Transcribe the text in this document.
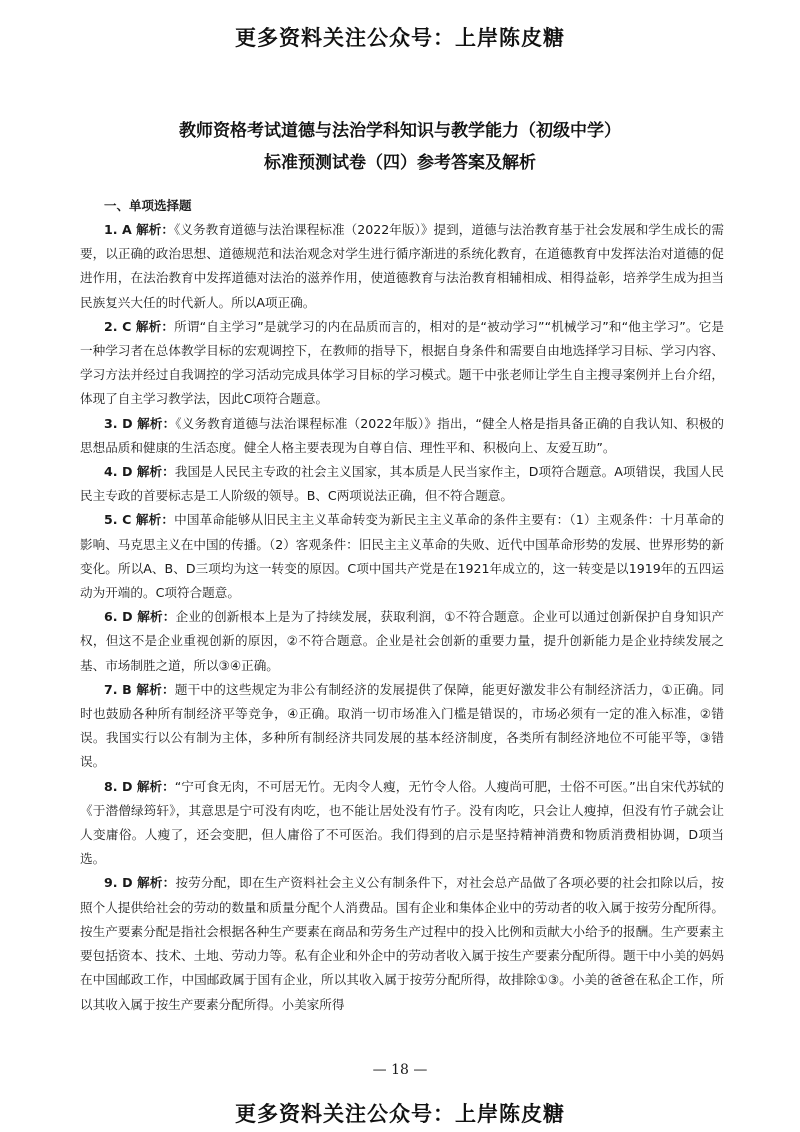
更多资料关注公众号：上岸陈皮糖
教师资格考试道德与法治学科知识与教学能力（初级中学）
标准预测试卷（四）参考答案及解析
一、单项选择题

1. A 解析：《义务教育道德与法治课程标准（2022年版）》提到，道德与法治教育基于社会发展和学生成长的需要，以正确的政治思想、道德规范和法治观念对学生进行循序渐进的系统化教育，在道德教育中发挥法治对道德的促进作用，在法治教育中发挥道德对法治的滋养作用，使道德教育与法治教育相辅相成、相得益彰，培养学生成为担当民族复兴大任的时代新人。所以A项正确。

2. C 解析：所谓“自主学习”是就学习的内在品质而言的，相对的是“被动学习”“机械学习”和“他主学习”。它是一种学习者在总体教学目标的宏观调控下，在教师的指导下，根据自身条件和需要自由地选择学习目标、学习内容、学习方法并经过自我调控的学习活动完成具体学习目标的学习模式。题干中张老师让学生自主搜寻案例并上台介绍，体现了自主学习教学法，因此C项符合题意。

3. D 解析：《义务教育道德与法治课程标准（2022年版）》指出，“健全人格是指具备正确的自我认知、积极的思想品质和健康的生活态度。健全人格主要表现为自尊自信、理性平和、积极向上、友爱互助”。

4. D 解析：我国是人民民主专政的社会主义国家，其本质是人民当家作主，D项符合题意。A项错误，我国人民民主专政的首要标志是工人阶级的领导。B、C两项说法正确，但不符合题意。

5. C 解析：中国革命能够从旧民主主义革命转变为新民主主义革命的条件主要有：（1）主观条件：十月革命的影响、马克思主义在中国的传播。（2）客观条件：旧民主主义革命的失败、近代中国革命形势的发展、世界形势的新变化。所以A、B、D三项均为这一转变的原因。C项中国共产党是在1921年成立的，这一转变是以1919年的五四运动为开端的。C项符合题意。

6. D 解析：企业的创新根本上是为了持续发展，获取利润，①不符合题意。企业可以通过创新保护自身知识产权，但这不是企业重视创新的原因，②不符合题意。企业是社会创新的重要力量，提升创新能力是企业持续发展之基、市场制胜之道，所以③④正确。

7. B 解析：题干中的这些规定为非公有制经济的发展提供了保障，能更好激发非公有制经济活力，①正确。同时也鼓励各种所有制经济平等竞争，④正确。取消一切市场准入门槛是错误的，市场必须有一定的准入标准，②错误。我国实行以公有制为主体，多种所有制经济共同发展的基本经济制度，各类所有制经济地位不可能平等，③错误。

8. D 解析：“宁可食无肉，不可居无竹。无肉令人瘦，无竹令人俗。人瘦尚可肥，士俗不可医。”出自宋代苏轼的《于潜僧绿筠轩》，其意思是宁可没有肉吃，也不能让居处没有竹子。没有肉吃，只会让人瘦掉，但没有竹子就会让人变庸俗。人瘦了，还会变肥，但人庸俗了不可医治。我们得到的启示是坚持精神消费和物质消费相协调，D项当选。

9. D 解析：按劳分配，即在生产资料社会主义公有制条件下，对社会总产品做了各项必要的社会扣除以后，按照个人提供给社会的劳动的数量和质量分配个人消费品。国有企业和集体企业中的劳动者的收入属于按劳分配所得。按生产要素分配是指社会根据各种生产要素在商品和劳务生产过程中的投入比例和贡献大小给予的报酬。生产要素主要包括资本、技术、土地、劳动力等。私有企业和外企中的劳动者收入属于按生产要素分配所得。题干中小美的妈妈在中国邮政工作，中国邮政属于国有企业，所以其收入属于按劳分配所得，故排除①③。小美的爸爸在私企工作，所以其收入属于按生产要素分配所得。小美家所得

— 18 —
更多资料关注公众号：上岸陈皮糖
